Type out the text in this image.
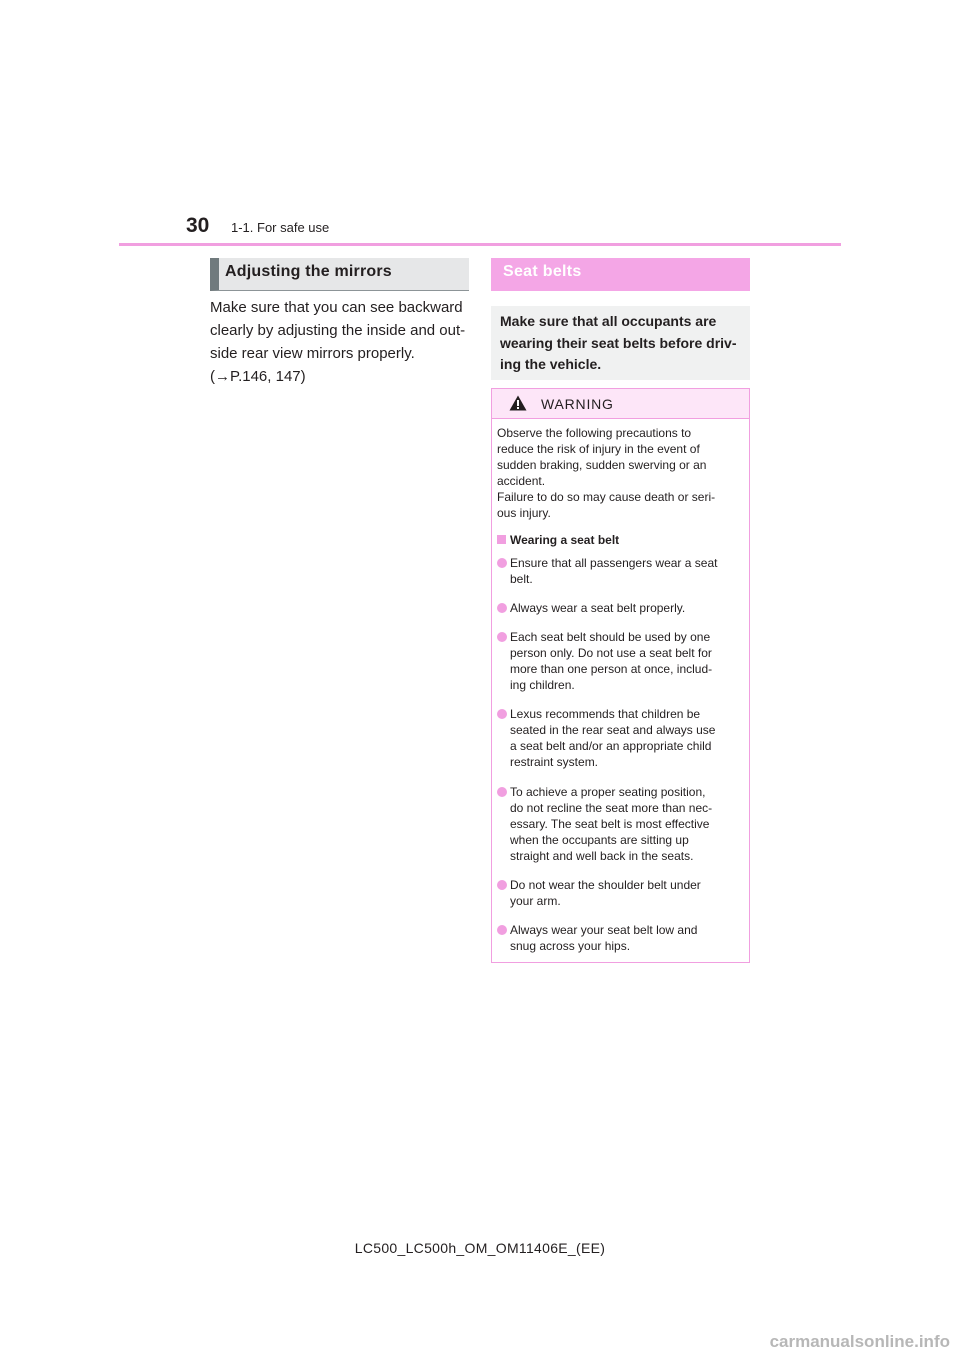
30 1-1. For safe use
Adjusting the mirrors
Make sure that you can see backward
clearly by adjusting the inside and out-
side rear view mirrors properly.
(→P.146, 147)
Seat belts

Make sure that all occupants are

wearing their seat belts before driv-

ing the vehicle.

WARNING
Observe the following precautions to
reduce the risk of injury in the event of
sudden braking, sudden swerving or an
accident.
Failure to do so may cause death or seri-
ous injury.
Wearing a seat belt
Ensure that all passengers wear a seat
belt.
Always wear a seat belt properly.
Each seat belt should be used by one
person only. Do not use a seat belt for
more than one person at once, includ-
ing children.
Lexus recommends that children be
seated in the rear seat and always use
a seat belt and/or an appropriate child
restraint system.
To achieve a proper seating position,
do not recline the seat more than nec-
essary. The seat belt is most effective
when the occupants are sitting up
straight and well back in the seats.
Do not wear the shoulder belt under
your arm.
Always wear your seat belt low and
snug across your hips.
LC500_LC500h_OM_OM11406E_(EE)
carmanualsonline.info
